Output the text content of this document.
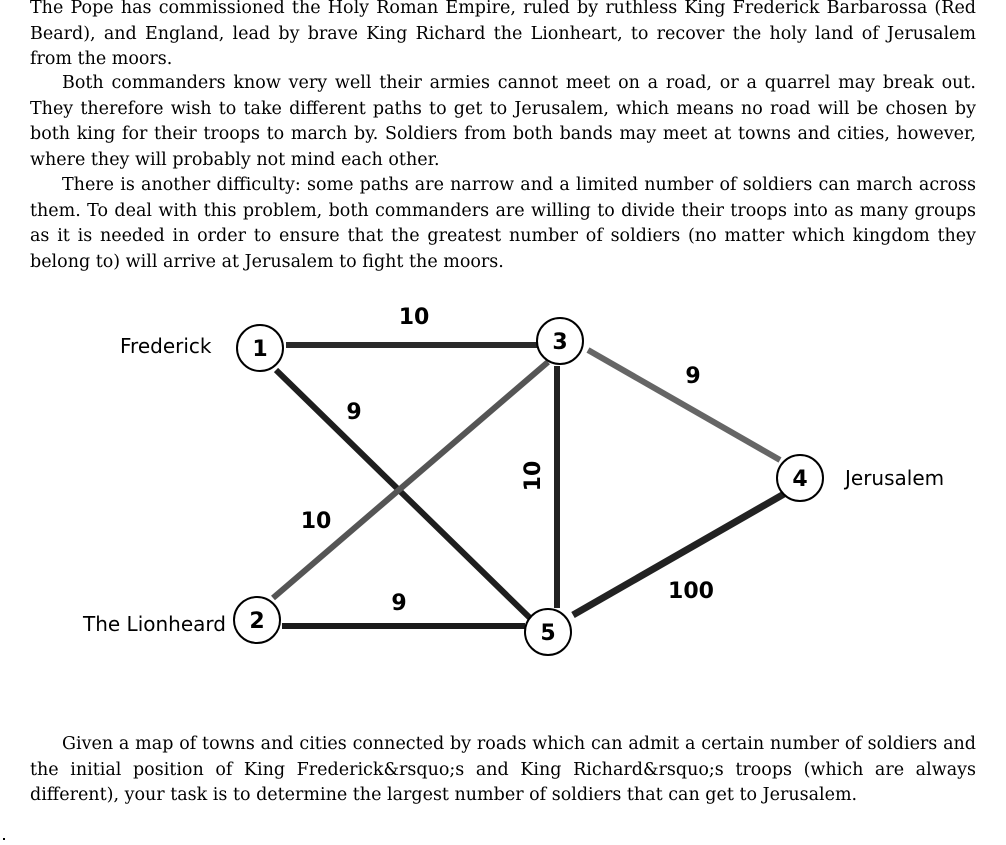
The Pope has commissioned the Holy Roman Empire, ruled by ruthless King Frederick Barbarossa (Red Beard), and England, lead by brave King Richard the Lionheart, to recover the holy land of Jerusalem from the moors.

Both commanders know very well their armies cannot meet on a road, or a quarrel may break out. They therefore wish to take different paths to get to Jerusalem, which means no road will be chosen by both king for their troops to march by. Soldiers from both bands may meet at towns and cities, however, where they will probably not mind each other.

There is another difficulty: some paths are narrow and a limited number of soldiers can march across them. To deal with this problem, both commanders are willing to divide their troops into as many groups as it is needed in order to ensure that the greatest number of soldiers (no matter which kingdom they belong to) will arrive at Jerusalem to fight the moors.

10
9
10
9
10
9
100
1
2
3
4
5
Frederick
The Lionheard
Jerusalem

Given a map of towns and cities connected by roads which can admit a certain number of soldiers and the initial position of King Frederick&rsquo;s and King Richard&rsquo;s troops (which are always different), your task is to determine the largest number of soldiers that can get to Jerusalem.
